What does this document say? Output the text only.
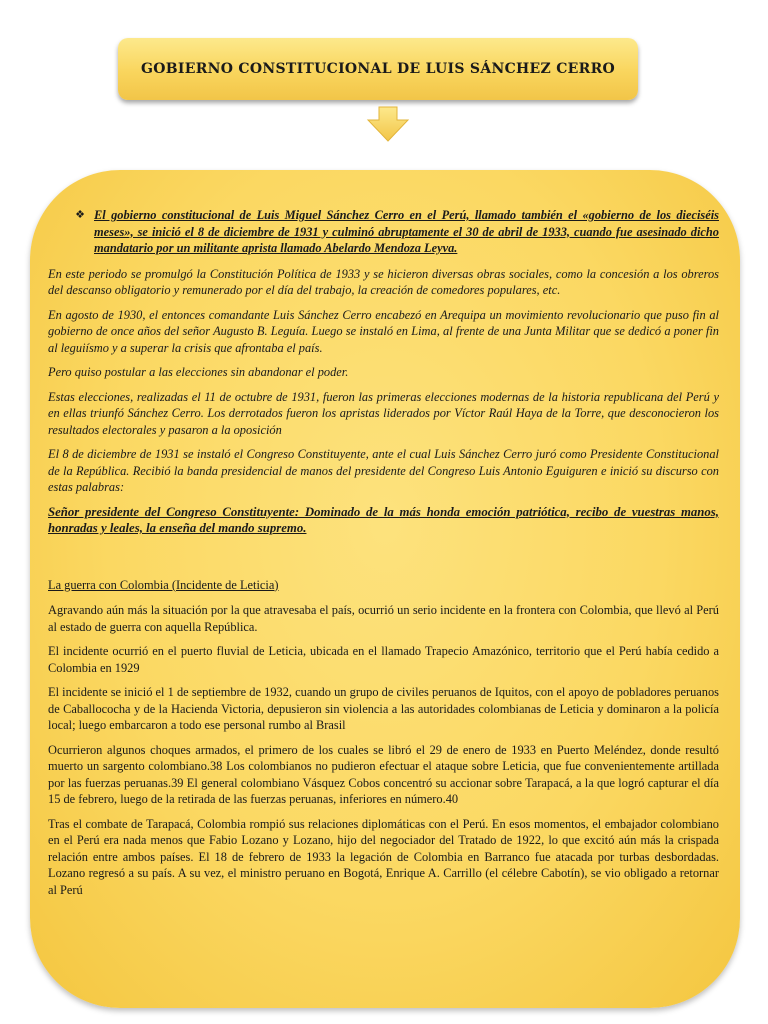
GOBIERNO CONSTITUCIONAL DE LUIS SÁNCHEZ CERRO
❖ El gobierno constitucional de Luis Miguel Sánchez Cerro en el Perú, llamado también el «gobierno de los dieciséis meses», se inició el 8 de diciembre de 1931 y culminó abruptamente el 30 de abril de 1933, cuando fue asesinado dicho mandatario por un militante aprista llamado Abelardo Mendoza Leyva.

En este periodo se promulgó la Constitución Política de 1933 y se hicieron diversas obras sociales, como la concesión a los obreros del descanso obligatorio y remunerado por el día del trabajo, la creación de comedores populares, etc.

En agosto de 1930, el entonces comandante Luis Sánchez Cerro encabezó en Arequipa un movimiento revolucionario que puso fin al gobierno de once años del señor Augusto B. Leguía. Luego se instaló en Lima, al frente de una Junta Militar que se dedicó a poner fin al leguiísmo y a superar la crisis que afrontaba el país.

Pero quiso postular a las elecciones sin abandonar el poder.

Estas elecciones, realizadas el 11 de octubre de 1931, fueron las primeras elecciones modernas de la historia republicana del Perú y en ellas triunfó Sánchez Cerro. Los derrotados fueron los apristas liderados por Víctor Raúl Haya de la Torre, que desconocieron los resultados electorales y pasaron a la oposición

El 8 de diciembre de 1931 se instaló el Congreso Constituyente, ante el cual Luis Sánchez Cerro juró como Presidente Constitucional de la República. Recibió la banda presidencial de manos del presidente del Congreso Luis Antonio Eguiguren e inició su discurso con estas palabras:

Señor presidente del Congreso Constituyente: Dominado de la más honda emoción patriótica, recibo de vuestras manos, honradas y leales, la enseña del mando supremo.

La guerra con Colombia (Incidente de Leticia)

Agravando aún más la situación por la que atravesaba el país, ocurrió un serio incidente en la frontera con Colombia, que llevó al Perú al estado de guerra con aquella República.

El incidente ocurrió en el puerto fluvial de Leticia, ubicada en el llamado Trapecio Amazónico, territorio que el Perú había cedido a Colombia en 1929

El incidente se inició el 1 de septiembre de 1932, cuando un grupo de civiles peruanos de Iquitos, con el apoyo de pobladores peruanos de Caballococha y de la Hacienda Victoria, depusieron sin violencia a las autoridades colombianas de Leticia y dominaron a la policía local; luego embarcaron a todo ese personal rumbo al Brasil

Ocurrieron algunos choques armados, el primero de los cuales se libró el 29 de enero de 1933 en Puerto Meléndez, donde resultó muerto un sargento colombiano.38 Los colombianos no pudieron efectuar el ataque sobre Leticia, que fue convenientemente artillada por las fuerzas peruanas.39 El general colombiano Vásquez Cobos concentró su accionar sobre Tarapacá, a la que logró capturar el día 15 de febrero, luego de la retirada de las fuerzas peruanas, inferiores en número.40

Tras el combate de Tarapacá, Colombia rompió sus relaciones diplomáticas con el Perú. En esos momentos, el embajador colombiano en el Perú era nada menos que Fabio Lozano y Lozano, hijo del negociador del Tratado de 1922, lo que excitó aún más la crispada relación entre ambos países. El 18 de febrero de 1933 la legación de Colombia en Barranco fue atacada por turbas desbordadas. Lozano regresó a su país. A su vez, el ministro peruano en Bogotá, Enrique A. Carrillo (el célebre Cabotín), se vio obligado a retornar al Perú
